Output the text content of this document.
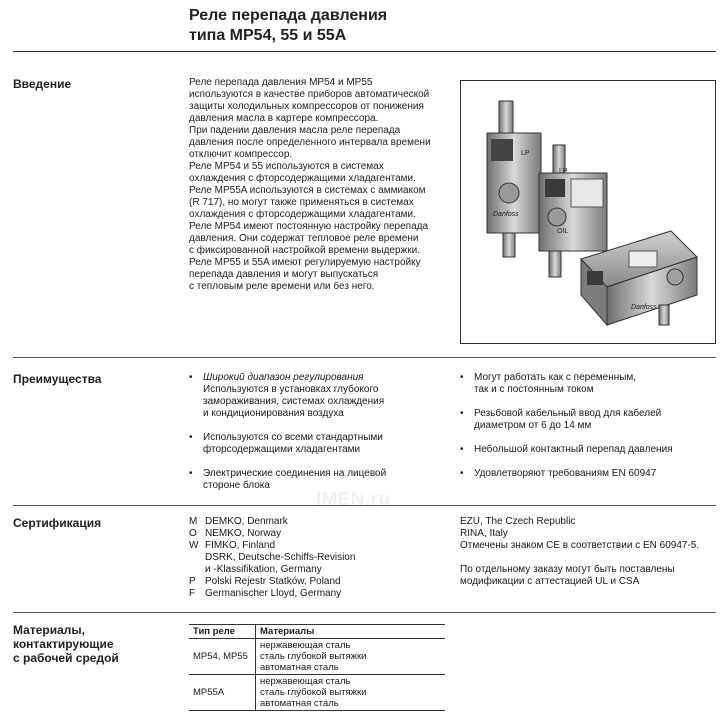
Реле перепада давления
типа MP54, 55 и 55A
Введение	Реле перепада давления MP54 и MP55

используются в качестве приборов автоматической

защиты холодильных компрессоров от понижения

давления масла в картере компрессора.

При падении давления масла реле перепада

давления после определенного интервала времени

отключит компрессор.

Реле MP54 и 55 используются в системах

охлаждения с фторсодержащими хладагентами.

Реле MP55A используются в системах с аммиаком

(R 717), но могут также применяться в системах

охлаждения с фторсодержащими хладагентами.

Реле MP54 имеют постоянную настройку перепада

давления. Они содержат тепловое реле времени

с фиксированной настройкой времени выдержки.

Реле MP55 и 55A имеют регулируемую настройку

перепада давления и могут выпускаться

с тепловым реле времени или без него.

LP
Danfoss
LP
OIL
Danfoss
Преимущества	• Широкий диапазон регулирования
Используются в установках глубокого
замораживания, системах охлаждения
и кондиционирования воздуха
• Используются со всеми стандартными
фторсодержащими хладагентами
• Электрические соединения на лицевой
стороне блока
• Могут работать как с переменным,
так и с постоянным током
• Резьбовой кабельный ввод для кабелей
диаметром от 6 до 14 мм
• Небольшой контактный перепад давления
• Удовлетворяют требованиям EN 60947
IMEN.ru
Сертификация	M DEMKO, Denmark
O NEMKO, Norway
W FIMKO, Finland
DSRK, Deutsche-Schiffs-Revision
и -Klassifikation, Germany
P Polski Rejestr Statków, Poland
F Germanischer Lloyd, Germany
EZU, The Czech Republic
RINA, Italy
Отмечены знаком CE в соответствии с EN 60947-5.
По отдельному заказу могут быть поставлены
модификации с аттестацией UL и CSA
Материалы,
контактирующие
с рабочей средой
Тип реле	Материалы
MP54, MP55	нержавеющая сталь
сталь глубокой вытяжки
автоматная сталь

MP55A	нержавеющая сталь
сталь глубокой вытяжки
автоматная сталь
